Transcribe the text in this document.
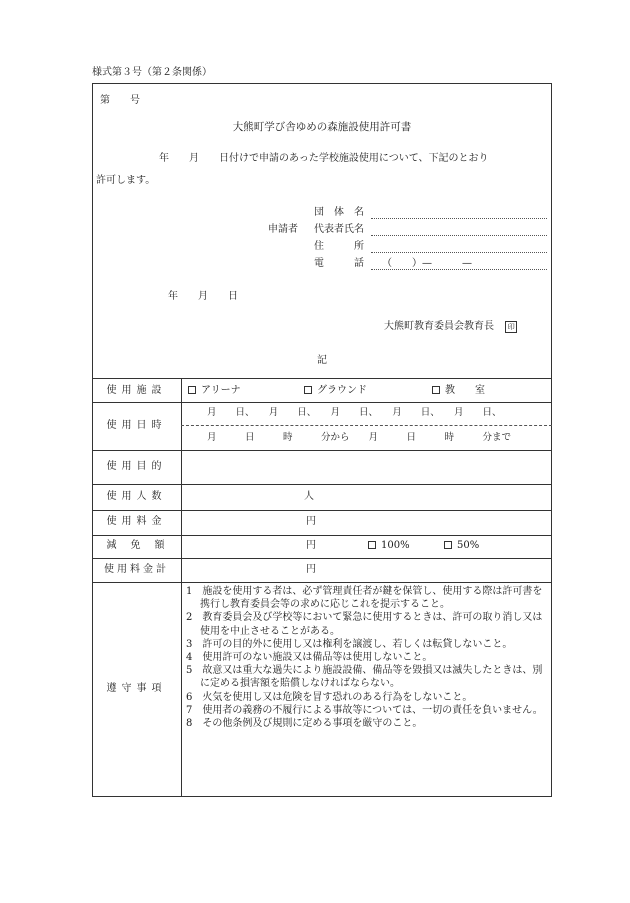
様式第３号（第２条関係）
第　　号
大熊町学び舎ゆめの森施設使用許可書
年　　月　　日付けで申請のあった学校施設使用について、下記のとおり
許可します。
申請者
団　体　名
代表者氏名
住　　　所
電　　　話 （　　）—　　　—
年　　月　　日
大熊町教育委員会教育長 印
記
使用施設	アリーナ	グラウンド	教　　室
使用日時
月　　日、　　月　　日、　　月　　日、　　月　　日、　　月　　日、
月　　　日　　　時　　　分から　　月　　　日　　　時　　　分まで
使用目的
使用人数	人
使用料金	円
減　免　額	円	100%	50%
使用料金計	円
遵守事項

1　施設を使用する者は、必ず管理責任者が鍵を保管し、使用する際は許可書を携行し教育委員会等の求めに応じこれを提示すること。

2　教育委員会及び学校等において緊急に使用するときは、許可の取り消し又は使用を中止させることがある。

3　許可の目的外に使用し又は権利を譲渡し、若しくは転貸しないこと。

4　使用許可のない施設又は備品等は使用しないこと。

5　故意又は重大な過失により施設設備、備品等を毀損又は滅失したときは、別に定める損害額を賠償しなければならない。

6　火気を使用し又は危険を冒す恐れのある行為をしないこと。

7　使用者の義務の不履行による事故等については、一切の責任を負いません。

8　その他条例及び規則に定める事項を厳守のこと。
